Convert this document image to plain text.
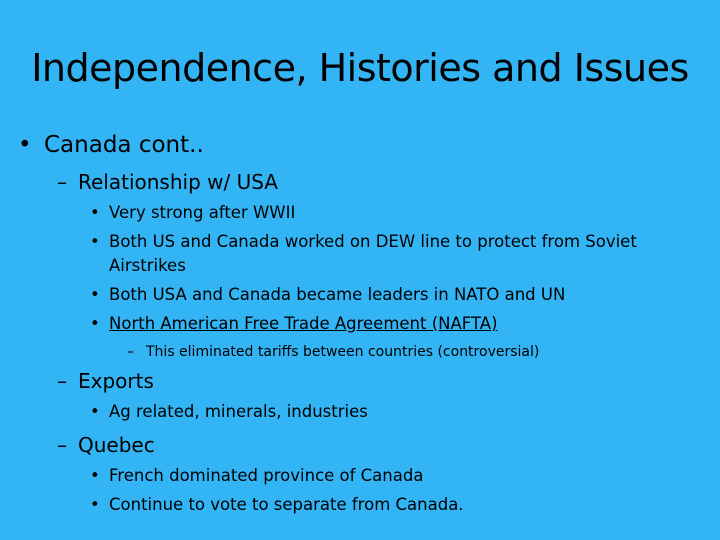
Independence, Histories and Issues
• Canada cont..
– Relationship w/ USA
• Very strong after WWII
• Both US and Canada worked on DEW line to protect from Soviet
Airstrikes
• Both USA and Canada became leaders in NATO and UN
• North American Free Trade Agreement (NAFTA)
– This eliminated tariffs between countries (controversial)
– Exports
• Ag related, minerals, industries
– Quebec
• French dominated province of Canada
• Continue to vote to separate from Canada.
